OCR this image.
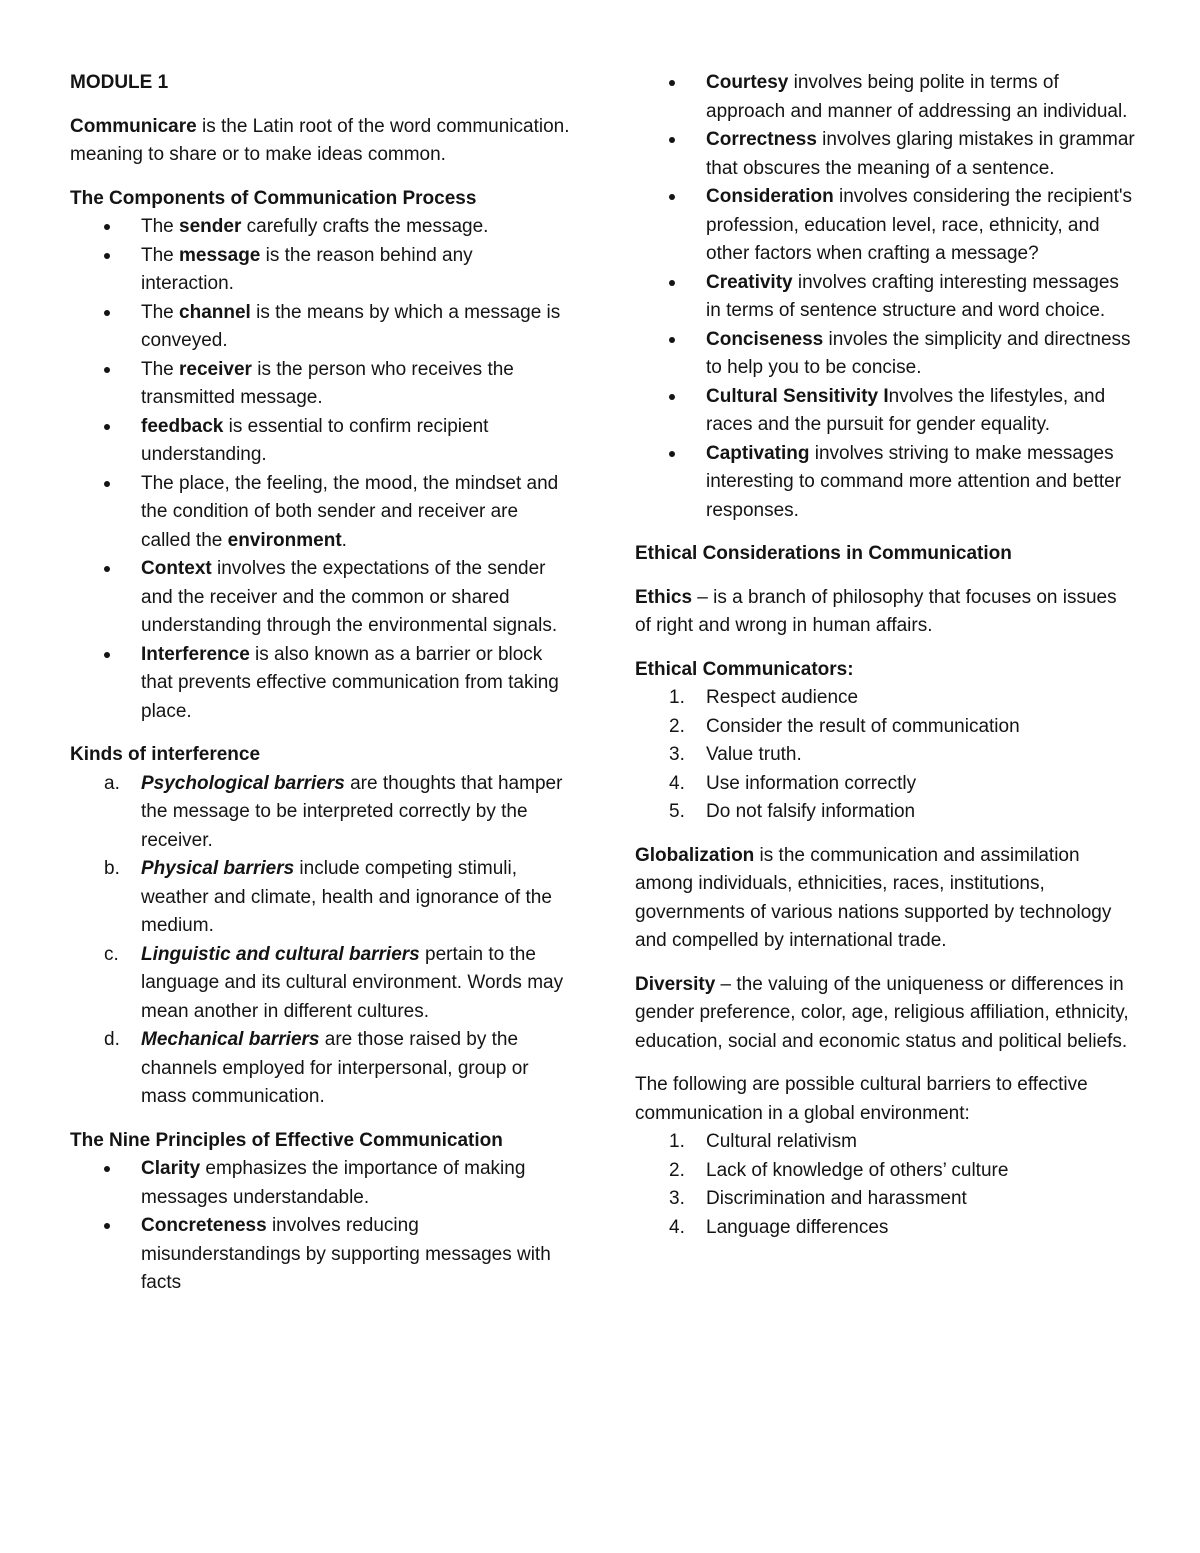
MODULE 1

Communicare is the Latin root of the word communication. meaning to share or to make ideas common.

The Components of Communication Process

The sender carefully crafts the message.
The message is the reason behind any interaction.
The channel is the means by which a message is conveyed.
The receiver is the person who receives the transmitted message.
feedback is essential to confirm recipient understanding.
The place, the feeling, the mood, the mindset and the condition of both sender and receiver are called the environment.
Context involves the expectations of the sender and the receiver and the common or shared understanding through the environmental signals.
Interference is also known as a barrier or block that prevents effective communication from taking place.

Kinds of interference

a. Psychological barriers are thoughts that hamper the message to be interpreted correctly by the receiver.
b. Physical barriers include competing stimuli, weather and climate, health and ignorance of the medium.
c. Linguistic and cultural barriers pertain to the language and its cultural environment. Words may mean another in different cultures.
d. Mechanical barriers are those raised by the channels employed for interpersonal, group or mass communication.

The Nine Principles of Effective Communication

Clarity emphasizes the importance of making messages understandable.
Concreteness involves reducing misunderstandings by supporting messages with facts
Courtesy involves being polite in terms of approach and manner of addressing an individual.
Correctness involves glaring mistakes in grammar that obscures the meaning of a sentence.
Consideration involves considering the recipient's profession, education level, race, ethnicity, and other factors when crafting a message?
Creativity involves crafting interesting messages in terms of sentence structure and word choice.
Conciseness involes the simplicity and directness to help you to be concise.
Cultural Sensitivity Involves the lifestyles, and races and the pursuit for gender equality.
Captivating involves striving to make messages interesting to command more attention and better responses.

Ethical Considerations in Communication

Ethics – is a branch of philosophy that focuses on issues of right and wrong in human affairs.

Ethical Communicators:

1. Respect audience
2. Consider the result of communication
3. Value truth.
4. Use information correctly
5. Do not falsify information

Globalization is the communication and assimilation among individuals, ethnicities, races, institutions, governments of various nations supported by technology and compelled by international trade.

Diversity – the valuing of the uniqueness or differences in gender preference, color, age, religious affiliation, ethnicity, education, social and economic status and political beliefs.

The following are possible cultural barriers to effective communication in a global environment:

1. Cultural relativism
2. Lack of knowledge of others’ culture
3. Discrimination and harassment
4. Language differences
